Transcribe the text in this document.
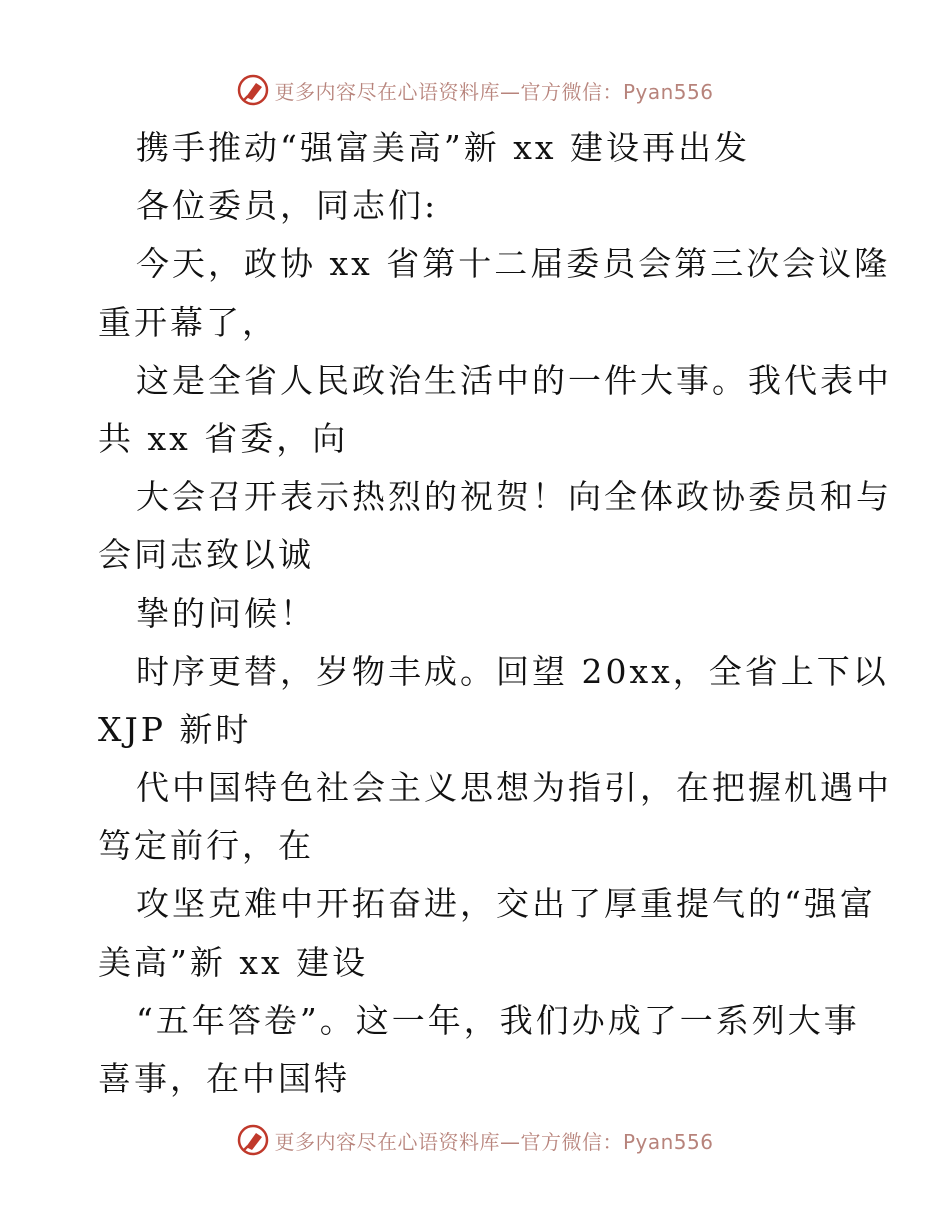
更多内容尽在心语资料库—官方微信：Pyan556
携手推动“强富美高”新 xx 建设再出发
各位委员，同志们:
今天，政协 xx 省第十二届委员会第三次会议隆
重开幕了，
这是全省人民政治生活中的一件大事。我代表中
共 xx 省委，向
大会召开表示热烈的祝贺！向全体政协委员和与
会同志致以诚
挚的问候！
时序更替，岁物丰成。回望 20xx，全省上下以
XJP 新时
代中国特色社会主义思想为指引，在把握机遇中
笃定前行，在
攻坚克难中开拓奋进，交出了厚重提气的“强富
美高”新 xx 建设
“五年答卷”。这一年，我们办成了一系列大事
喜事，在中国特
更多内容尽在心语资料库—官方微信：Pyan556
